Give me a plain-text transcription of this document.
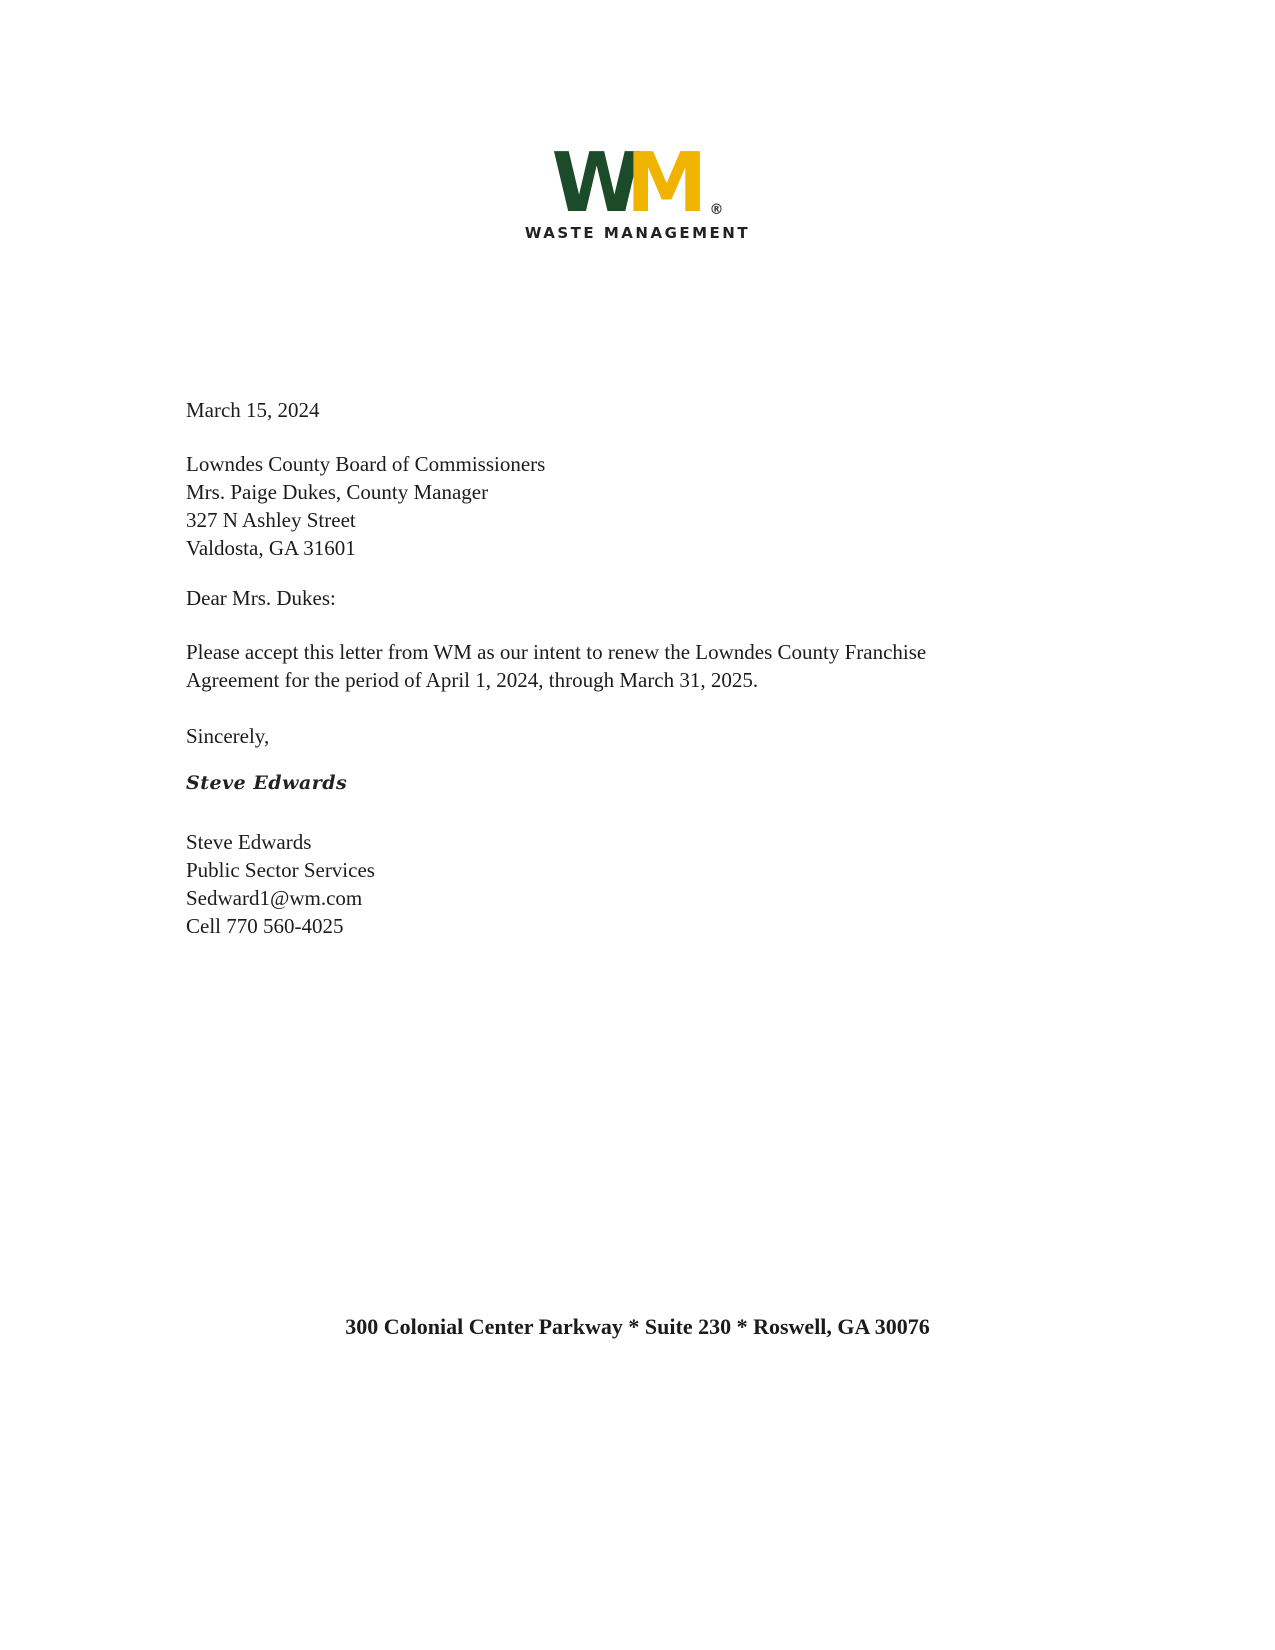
WM ®
WASTE MANAGEMENT
March 15, 2024
Lowndes County Board of Commissioners
Mrs. Paige Dukes, County Manager
327 N Ashley Street
Valdosta, GA 31601
Dear Mrs. Dukes:
Please accept this letter from WM as our intent to renew the Lowndes County Franchise Agreement for the period of April 1, 2024, through March 31, 2025.
Sincerely,
Steve Edwards
Steve Edwards
Public Sector Services
Sedward1@wm.com
Cell 770 560-4025
300 Colonial Center Parkway * Suite 230 * Roswell, GA 30076
